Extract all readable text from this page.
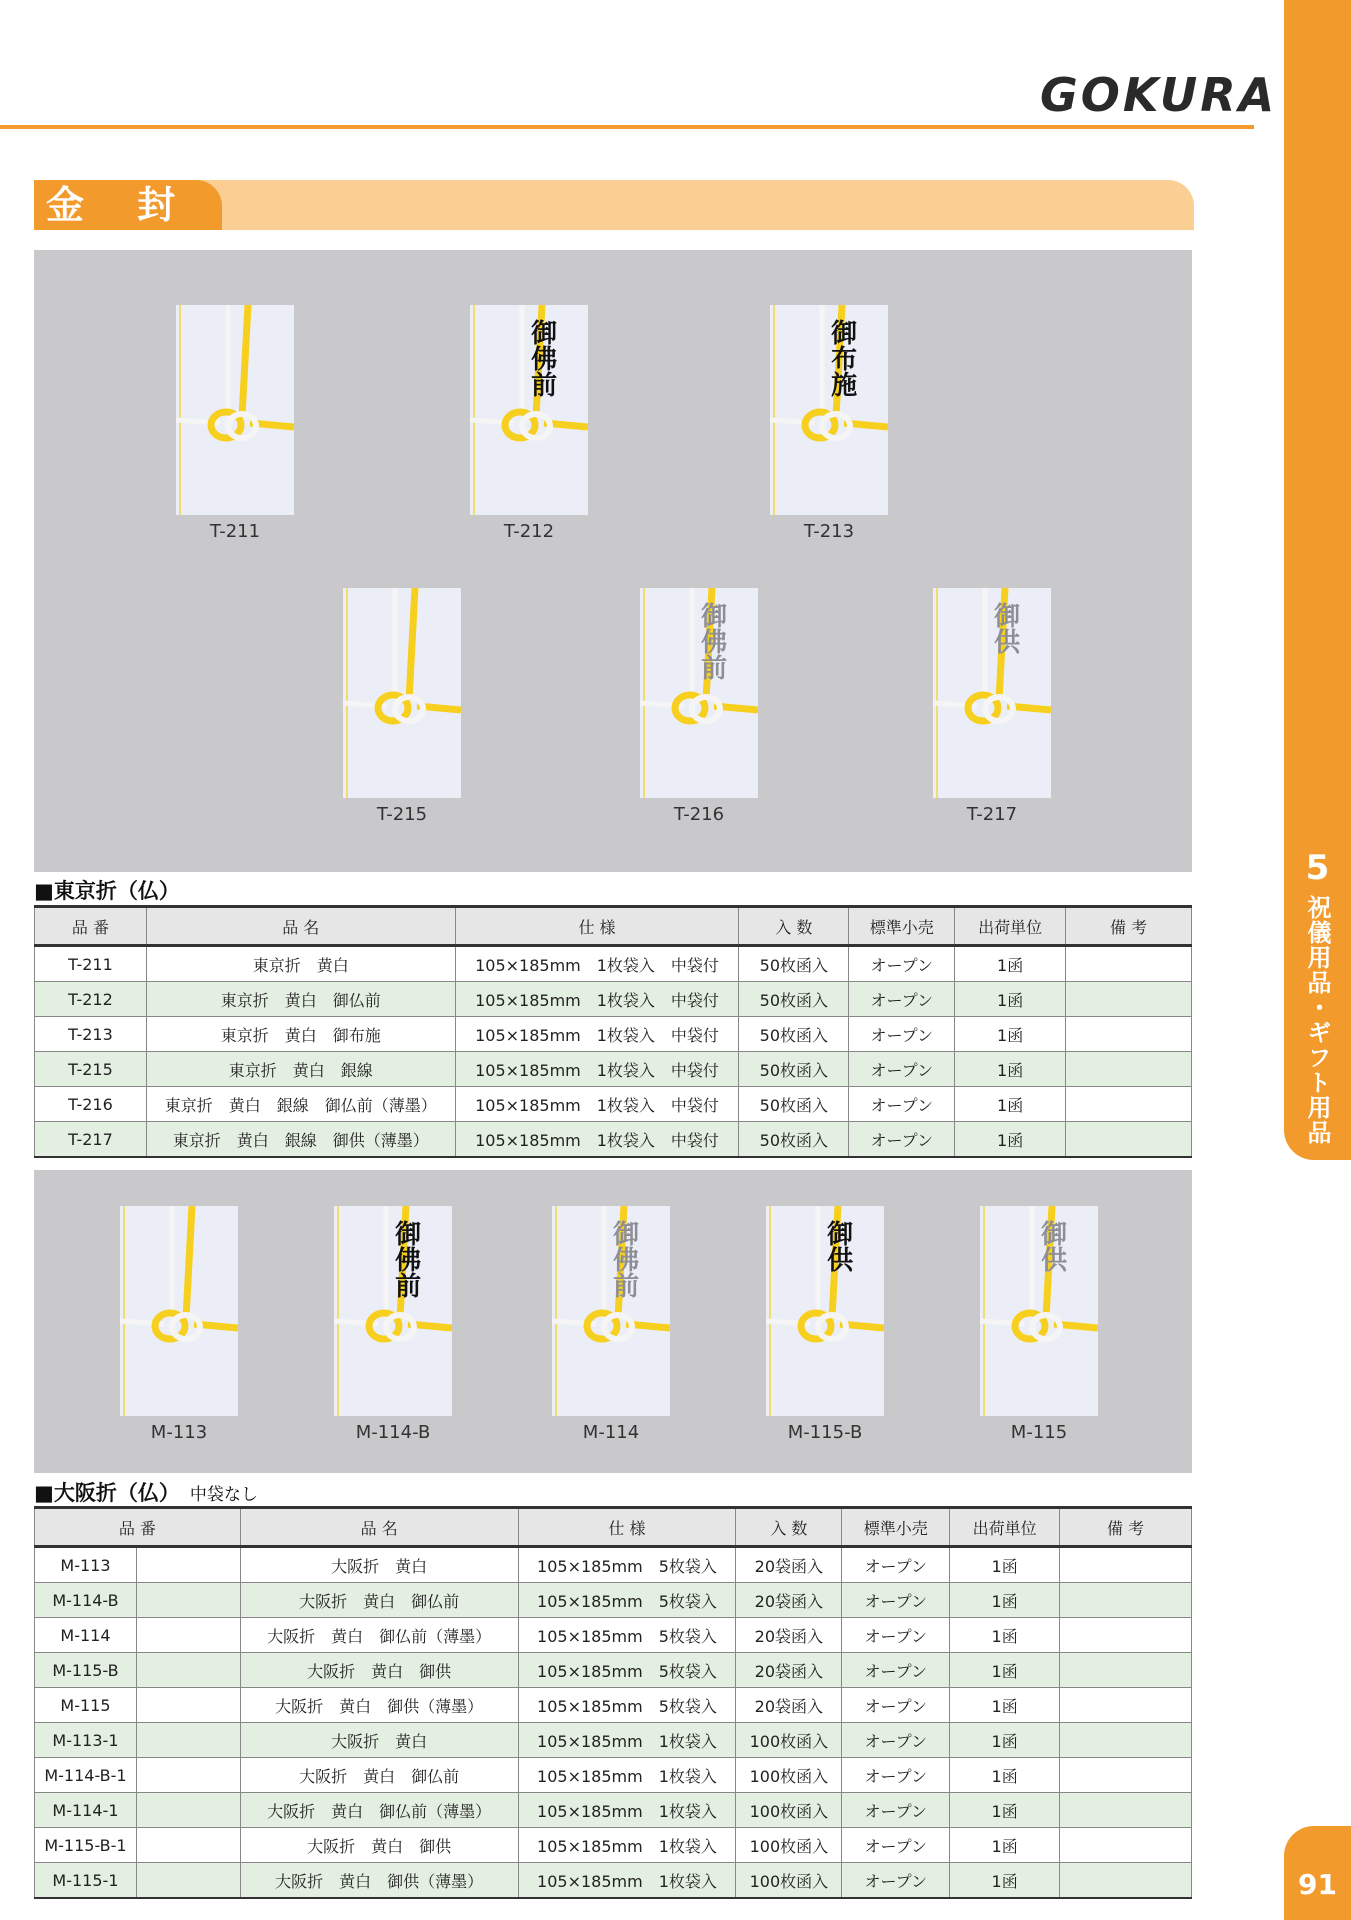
5
祝儀用品・ギフト用品
91
GOKURA
金 封
T-211
御佛前
T-212
御布施
T-213
T-215
御佛前
T-216
御供
T-217
■東京折（仏）
品 番	品 名	仕 様	入 数	標準小売	出荷単位	備 考
T-211	東京折　黄白	105×185mm　1枚袋入　中袋付	50枚函入	オープン	1函	
T-212	東京折　黄白　御仏前	105×185mm　1枚袋入　中袋付	50枚函入	オープン	1函	
T-213	東京折　黄白　御布施	105×185mm　1枚袋入　中袋付	50枚函入	オープン	1函	
T-215	東京折　黄白　銀線	105×185mm　1枚袋入　中袋付	50枚函入	オープン	1函	
T-216	東京折　黄白　銀線　御仏前（薄墨）	105×185mm　1枚袋入　中袋付	50枚函入	オープン	1函	
T-217	東京折　黄白　銀線　御供（薄墨）	105×185mm　1枚袋入　中袋付	50枚函入	オープン	1函	
M-113
御佛前
M-114-B
御佛前
M-114
御供
M-115-B
御供
M-115
■大阪折（仏） 中袋なし
品 番		品 名	仕 様	入 数	標準小売	出荷単位	備 考
M-113		大阪折　黄白	105×185mm　5枚袋入	20袋函入	オープン	1函	
M-114-B		大阪折　黄白　御仏前	105×185mm　5枚袋入	20袋函入	オープン	1函	
M-114		大阪折　黄白　御仏前（薄墨）	105×185mm　5枚袋入	20袋函入	オープン	1函	
M-115-B		大阪折　黄白　御供	105×185mm　5枚袋入	20袋函入	オープン	1函	
M-115		大阪折　黄白　御供（薄墨）	105×185mm　5枚袋入	20袋函入	オープン	1函	
M-113-1		大阪折　黄白	105×185mm　1枚袋入	100枚函入	オープン	1函	
M-114-B-1		大阪折　黄白　御仏前	105×185mm　1枚袋入	100枚函入	オープン	1函	
M-114-1		大阪折　黄白　御仏前（薄墨）	105×185mm　1枚袋入	100枚函入	オープン	1函	
M-115-B-1		大阪折　黄白　御供	105×185mm　1枚袋入	100枚函入	オープン	1函	
M-115-1		大阪折　黄白　御供（薄墨）	105×185mm　1枚袋入	100枚函入	オープン	1函	
